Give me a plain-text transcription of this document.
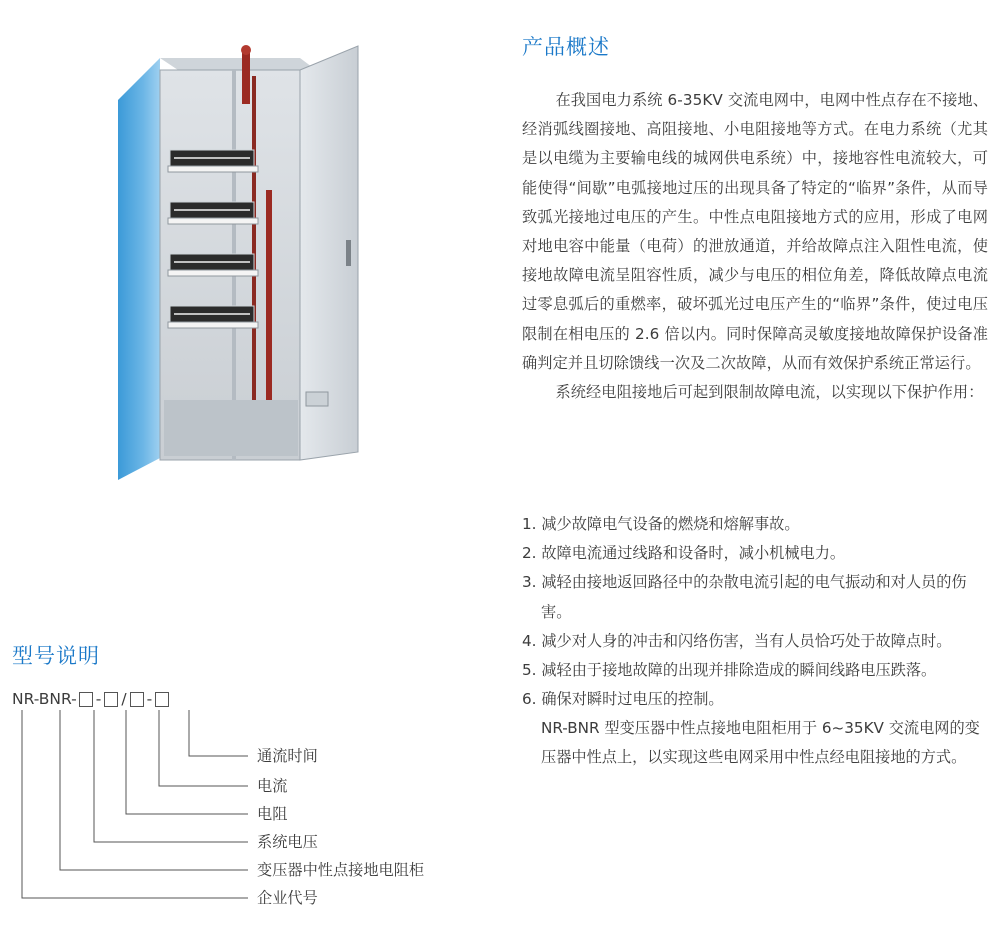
产品概述

在我国电力系统 6-35KV 交流电网中，电网中性点存在不接地、经消弧线圈接地、高阻接地、小电阻接地等方式。在电力系统（尤其是以电缆为主要输电线的城网供电系统）中，接地容性电流较大，可能使得“间歇”电弧接地过压的出现具备了特定的“临界”条件，从而导致弧光接地过电压的产生。中性点电阻接地方式的应用，形成了电网对地电容中能量（电荷）的泄放通道，并给故障点注入阻性电流，使接地故障电流呈阻容性质，减少与电压的相位角差，降低故障点电流过零息弧后的重燃率，破坏弧光过电压产生的“临界”条件，使过电压限制在相电压的 2.6 倍以内。同时保障高灵敏度接地故障保护设备准确判定并且切除馈线一次及二次故障，从而有效保护系统正常运行。

系统经电阻接地后可起到限制故障电流，以实现以下保护作用：

1. 减少故障电气设备的燃烧和熔解事故。
2. 故障电流通过线路和设备时，减小机械电力。
3. 减轻由接地返回路径中的杂散电流引起的电气振动和对人员的伤害。
4. 减少对人身的冲击和闪络伤害，当有人员恰巧处于故障点时。
5. 减轻由于接地故障的出现并排除造成的瞬间线路电压跌落。
6. 确保对瞬时过电压的控制。

NR-BNR 型变压器中性点接地电阻柜用于 6~35KV 交流电网的变压器中性点上，以实现这些电网采用中性点经电阻接地的方式。

型号说明
NR-BNR- - / -
通流时间
电流
电阻
系统电压
变压器中性点接地电阻柜
企业代号
